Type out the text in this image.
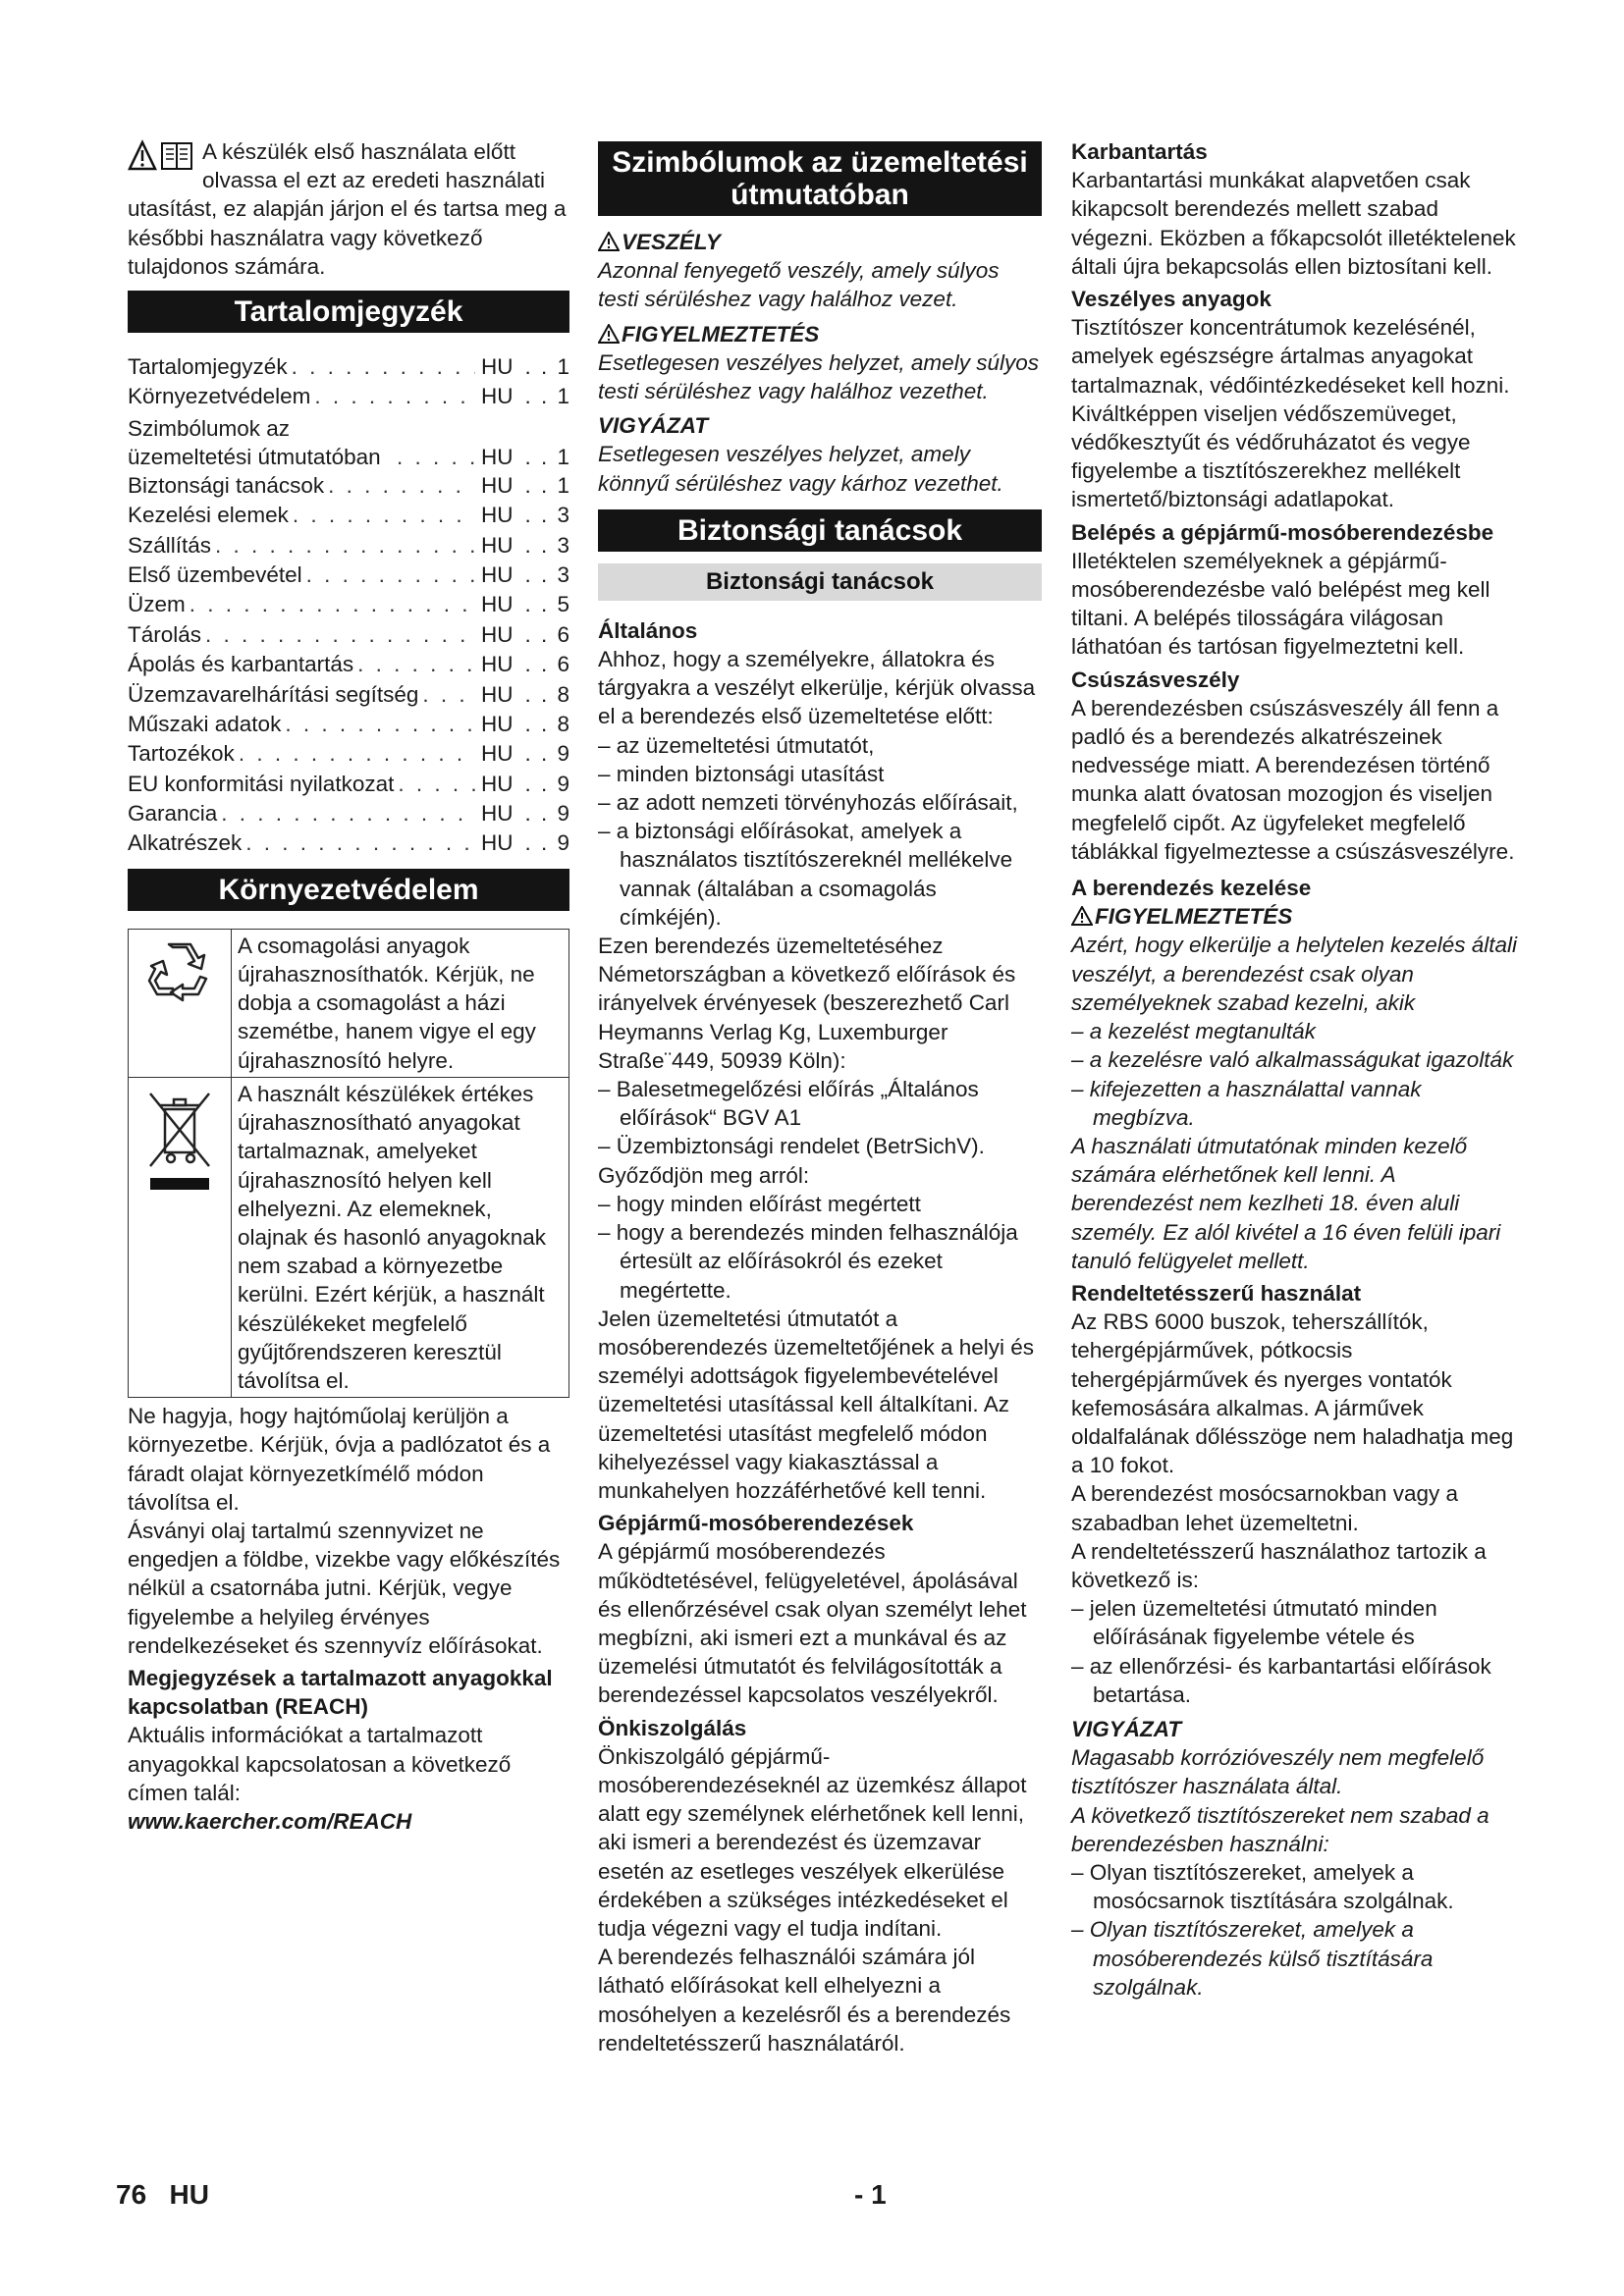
A készülék első használata előtt olvassa el ezt az eredeti használati utasítást, ez alapján járjon el és tartsa meg a későbbi használatra vagy következő tulajdonos számára.

Tartalomjegyzék
Tartalomjegyzék . . .	HU	. . 1
Környezetvédelem . . .	HU	. . 1
Szimbólumok az üzemeltetési útmutatóban . . .	HU	. . 1
Biztonsági tanácsok . . .	HU	. . 1
Kezelési elemek . . .	HU	. . 3
Szállítás . . .	HU	. . 3
Első üzembevétel . . .	HU	. . 3
Üzem . . .	HU	. . 5
Tárolás . . .	HU	. . 6
Ápolás és karbantartás . . .	HU	. . 6
Üzemzavarelhárítási segítség . . .	HU	. . 8
Műszaki adatok . . .	HU	. . 8
Tartozékok . . .	HU	. . 9
EU konformitási nyilatkozat . . .	HU	. . 9
Garancia . . .	HU	. . 9
Alkatrészek . . .	HU	. . 9
Környezetvédelem
	A csomagolási anyagok újrahasznosíthatók. Kérjük, ne dobja a csomagolást a házi szemétbe, hanem vigye el egy újrahasznosító helyre.
	A használt készülékek értékes újrahasznosítható anyagokat tartalmaznak, amelyeket újrahasznosító helyen kell elhelyezni. Az elemeknek, olajnak és hasonló anyagoknak nem szabad a környezetbe kerülni. Ezért kérjük, a használt készülékeket megfelelő gyűjtőrendszeren keresztül távolítsa el.

Ne hagyja, hogy hajtóműolaj kerüljön a környezetbe. Kérjük, óvja a padlózatot és a fáradt olajat környezetkímélő módon távolítsa el.

Ásványi olaj tartalmú szennyvizet ne engedjen a földbe, vizekbe vagy előkészítés nélkül a csatornába jutni. Kérjük, vegye figyelembe a helyileg érvényes rendelkezéseket és szennyvíz előírásokat.

Megjegyzések a tartalmazott anyagokkal kapcsolatban (REACH)

Aktuális információkat a tartalmazott anyagokkal kapcsolatosan a következő címen talál:

www.kaercher.com/REACH

Szimbólumok az üzemeltetési útmutatóban

VESZÉLY

Azonnal fenyegető veszély, amely súlyos testi sérüléshez vagy halálhoz vezet.

FIGYELMEZTETÉS

Esetlegesen veszélyes helyzet, amely súlyos testi sérüléshez vagy halálhoz vezethet.

VIGYÁZAT

Esetlegesen veszélyes helyzet, amely könnyű sérüléshez vagy kárhoz vezethet.

Biztonsági tanácsok
Biztonsági tanácsok

Általános

Ahhoz, hogy a személyekre, állatokra és tárgyakra a veszélyt elkerülje, kérjük olvassa el a berendezés első üzemeltetése előtt:

– az üzemeltetési útmutatót,
– minden biztonsági utasítást
– az adott nemzeti törvényhozás előírásait,
– a biztonsági előírásokat, amelyek a használatos tisztítószereknél mellékelve vannak (általában a csomagolás címkéjén).

Ezen berendezés üzemeltetéséhez Németországban a következő előírások és irányelvek érvényesek (beszerezhető Carl Heymanns Verlag Kg, Luxemburger Straße¨449, 50939 Köln):

– Balesetmegelőzési előírás „Általános előírások“ BGV A1
– Üzembiztonsági rendelet (BetrSichV).

Győződjön meg arról:

– hogy minden előírást megértett
– hogy a berendezés minden felhasználója értesült az előírásokról és ezeket megértette.

Jelen üzemeltetési útmutatót a mosóberendezés üzemeltetőjének a helyi és személyi adottságok figyelembevételével üzemeltetési utasítással kell általkítani. Az üzemeltetési utasítást megfelelő módon kihelyezéssel vagy kiakasztással a munkahelyen hozzáférhetővé kell tenni.

Gépjármű-mosóberendezések

A gépjármű mosóberendezés működtetésével, felügyeletével, ápolásával és ellenőrzésével csak olyan személyt lehet megbízni, aki ismeri ezt a munkával és az üzemelési útmutatót és felvilágosították a berendezéssel kapcsolatos veszélyekről.

Önkiszolgálás

Önkiszolgáló gépjármű-mosóberendezéseknél az üzemkész állapot alatt egy személynek elérhetőnek kell lenni, aki ismeri a berendezést és üzemzavar esetén az esetleges veszélyek elkerülése érdekében a szükséges intézkedéseket el tudja végezni vagy el tudja indítani.

A berendezés felhasználói számára jól látható előírásokat kell elhelyezni a mosóhelyen a kezelésről és a berendezés rendeltetésszerű használatáról.

Karbantartás

Karbantartási munkákat alapvetően csak kikapcsolt berendezés mellett szabad végezni. Eközben a főkapcsolót illetéktelenek általi újra bekapcsolás ellen biztosítani kell.

Veszélyes anyagok

Tisztítószer koncentrátumok kezelésénél, amelyek egészségre ártalmas anyagokat tartalmaznak, védőintézkedéseket kell hozni. Kiváltképpen viseljen védőszemüveget, védőkesztyűt és védőruházatot és vegye figyelembe a tisztítószerekhez mellékelt ismertető/biztonsági adatlapokat.

Belépés a gépjármű-mosóberendezésbe

Illetéktelen személyeknek a gépjármű-mosóberendezésbe való belépést meg kell tiltani. A belépés tilosságára világosan láthatóan és tartósan figyelmeztetni kell.

Csúszásveszély

A berendezésben csúszásveszély áll fenn a padló és a berendezés alkatrészeinek nedvessége miatt. A berendezésen történő munka alatt óvatosan mozogjon és viseljen megfelelő cipőt. Az ügyfeleket megfelelő táblákkal figyelmeztesse a csúszásveszélyre.

A berendezés kezelése

FIGYELMEZTETÉS

Azért, hogy elkerülje a helytelen kezelés általi veszélyt, a berendezést csak olyan személyeknek szabad kezelni, akik

– a kezelést megtanulták
– a kezelésre való alkalmasságukat igazolták
– kifejezetten a használattal vannak megbízva.

A használati útmutatónak minden kezelő számára elérhetőnek kell lenni. A berendezést nem kezlheti 18. éven aluli személy. Ez alól kivétel a 16 éven felüli ipari tanuló felügyelet mellett.

Rendeltetésszerű használat

Az RBS 6000 buszok, teherszállítók, tehergépjárművek, pótkocsis tehergépjárművek és nyerges vontatók kefemosására alkalmas. A járművek oldalfalának dőlésszöge nem haladhatja meg a 10 fokot.

A berendezést mosócsarnokban vagy a szabadban lehet üzemeltetni.

A rendeltetésszerű használathoz tartozik a következő is:

– jelen üzemeltetési útmutató minden előírásának figyelembe vétele és
– az ellenőrzési- és karbantartási előírások betartása.

VIGYÁZAT

Magasabb korrózióveszély nem megfelelő tisztítószer használata által.

A következő tisztítószereket nem szabad a berendezésben használni:

– Olyan tisztítószereket, amelyek a mosócsarnok tisztítására szolgálnak.
– Olyan tisztítószereket, amelyek a mosóberendezés külső tisztítására szolgálnak.
76 HU	- 1
